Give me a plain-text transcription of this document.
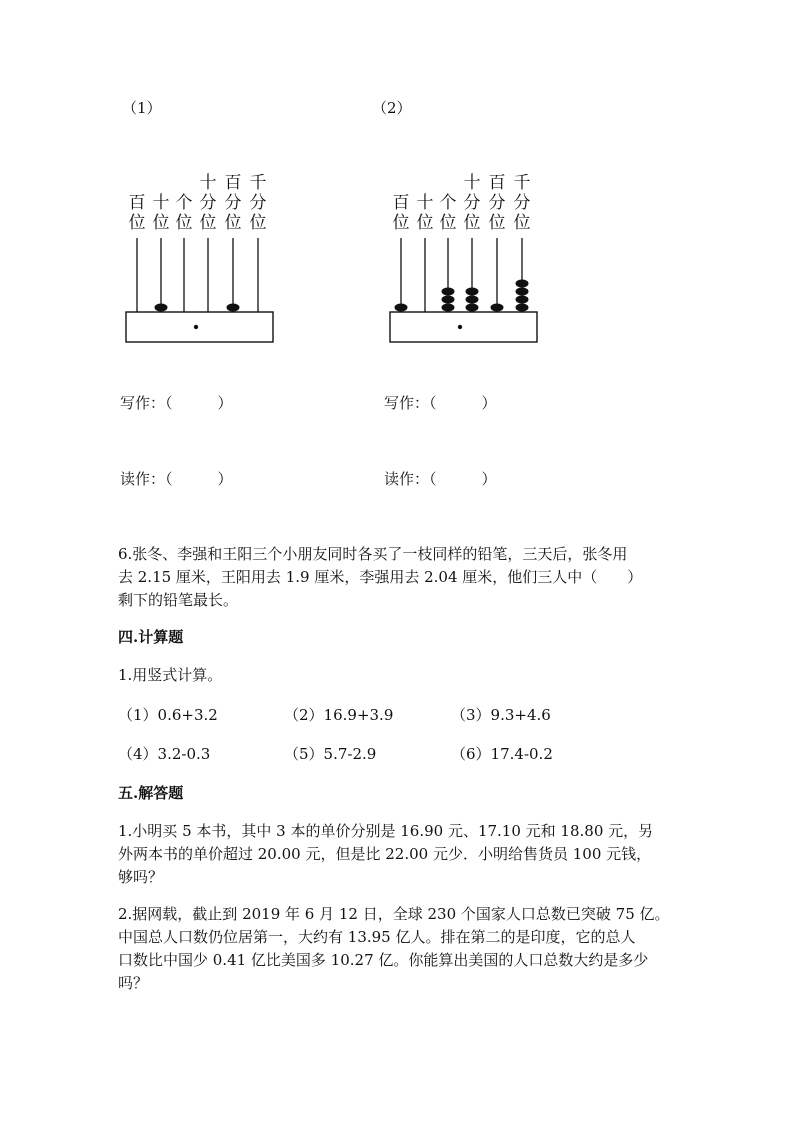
（1）	（2）
百
位
十
位
个
位
十
分
位
百
分
位
千
分
位
百
位
十
位
个
位
十
分
位
百
分
位
千
分
位
写作：（　　　）	写作：（　　　）
读作：（　　　）	读作：（　　　）

6.张冬、李强和王阳三个小朋友同时各买了一枝同样的铅笔，三天后，张冬用

去 2.15 厘米，王阳用去 1.9 厘米，李强用去 2.04 厘米，他们三人中（　　）

剩下的铅笔最长。

四.计算题
1.用竖式计算。
（1）0.6+3.2	（2）16.9+3.9	（3）9.3+4.6
（4）3.2-0.3	（5）5.7-2.9	（6）17.4-0.2
五.解答题

1.小明买 5 本书，其中 3 本的单价分别是 16.90 元、17.10 元和 18.80 元，另

外两本书的单价超过 20.00 元，但是比 22.00 元少．小明给售货员 100 元钱，

够吗？

2.据网载，截止到 2019 年 6 月 12 日，全球 230 个国家人口总数已突破 75 亿。

中国总人口数仍位居第一，大约有 13.95 亿人。排在第二的是印度，它的总人

口数比中国少 0.41 亿比美国多 10.27 亿。你能算出美国的人口总数大约是多少

吗？
